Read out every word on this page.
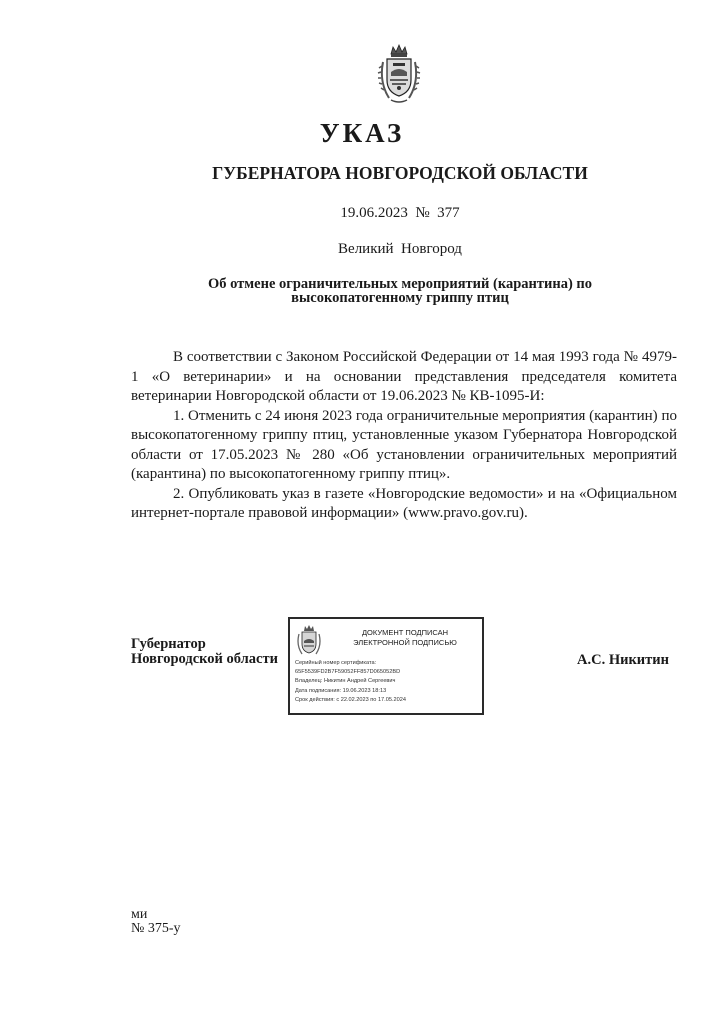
УКАЗ
ГУБЕРНАТОРА НОВГОРОДСКОЙ ОБЛАСТИ
19.06.2023  №  377
Великий  Новгород
Об отмене ограничительных мероприятий (карантина) по высокопатогенному гриппу птиц

В соответствии с Законом Российской Федерации от 14 мая 1993 года № 4979-1 «О ветеринарии» и на основании представления председателя комитета ветеринарии Новгородской области от 19.06.2023 № КВ-1095-И:

1. Отменить с 24 июня 2023 года ограничительные мероприятия (карантин) по высокопатогенному гриппу птиц, установленные указом Губернатора Новгородской области от 17.05.2023 № 280 «Об установлении ограничительных мероприятий (карантина) по высокопатогенному гриппу птиц».

2. Опубликовать указ в газете «Новгородские ведомости» и на «Официальном интернет-портале правовой информации» (www.pravo.gov.ru).

Губернатор
Новгородской области
ДОКУМЕНТ ПОДПИСАН
ЭЛЕКТРОННОЙ ПОДПИСЬЮ
Серийный номер сертификата:
65F5539FD2B7F59052FF857D065052BD
Владелец: Никитин Андрей Сергеевич
Дата подписания: 19.06.2023 18:13
Срок действия: с 22.02.2023 по 17.05.2024
А.С. Никитин
ми
№ 375-у
